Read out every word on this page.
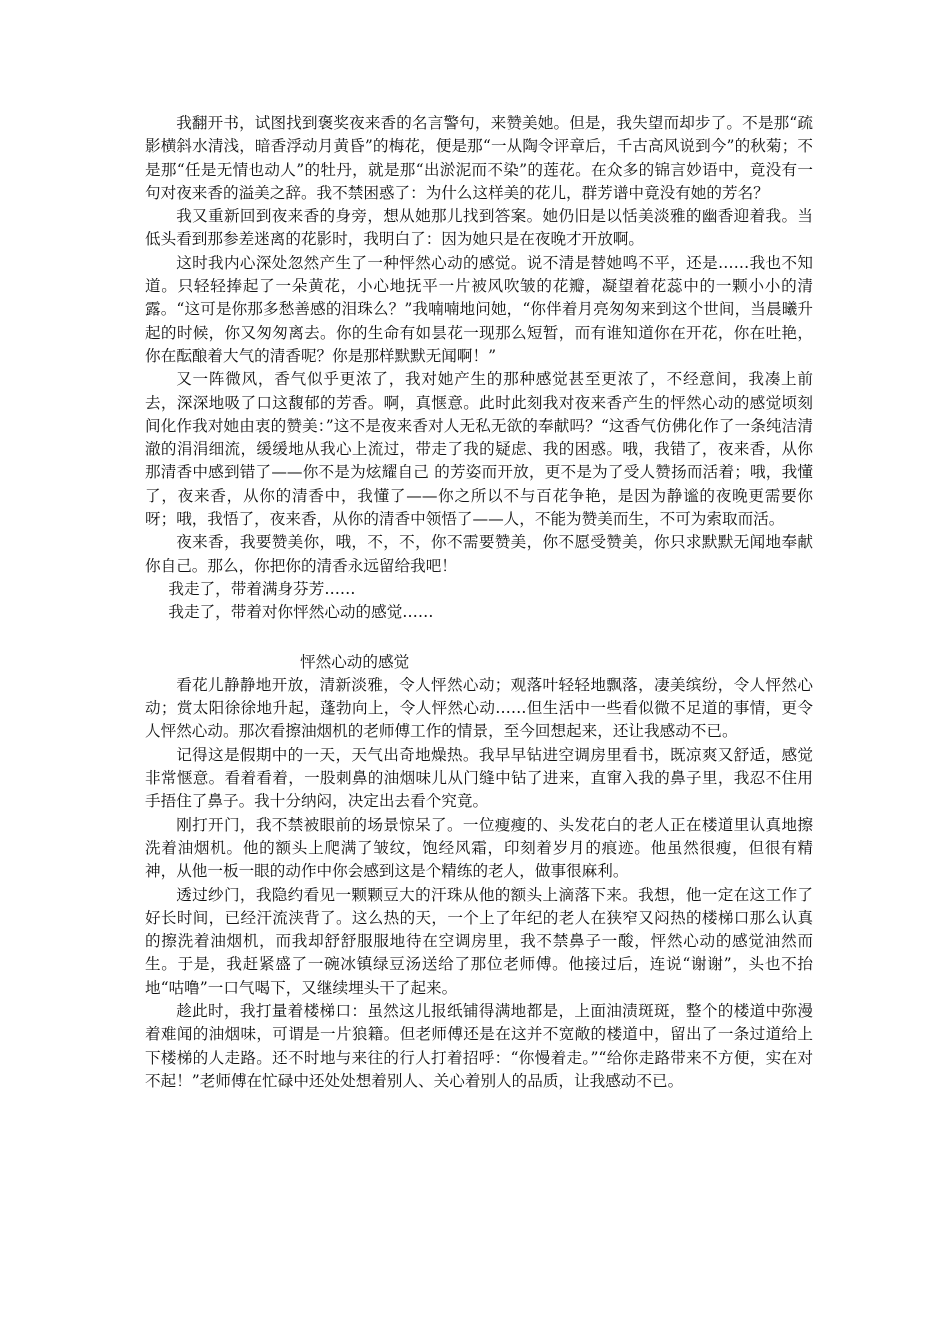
我翻开书，试图找到褒奖夜来香的名言警句，来赞美她。但是，我失望而却步了。不是那“疏影横斜水清浅，暗香浮动月黄昏”的梅花，便是那“一从陶令评章后，千古高风说到今”的秋菊；不是那“任是无情也动人”的牡丹，就是那“出淤泥而不染”的莲花。在众多的锦言妙语中，竟没有一句对夜来香的溢美之辞。我不禁困惑了：为什么这样美的花儿，群芳谱中竟没有她的芳名？

我又重新回到夜来香的身旁，想从她那儿找到答案。她仍旧是以恬美淡雅的幽香迎着我。当低头看到那参差迷离的花影时，我明白了：因为她只是在夜晚才开放啊。

这时我内心深处忽然产生了一种怦然心动的感觉。说不清是替她鸣不平，还是……我也不知道。只轻轻捧起了一朵黄花，小心地抚平一片被风吹皱的花瓣，凝望着花蕊中的一颗小小的清露。“这可是你那多愁善感的泪珠么？”我喃喃地问她，“你伴着月亮匆匆来到这个世间，当晨曦升起的时候，你又匆匆离去。你的生命有如昙花一现那么短暂，而有谁知道你在开花，你在吐艳，你在酝酿着大气的清香呢？你是那样默默无闻啊！”

又一阵微风，香气似乎更浓了，我对她产生的那种感觉甚至更浓了，不经意间，我凑上前去，深深地吸了口这馥郁的芳香。啊，真惬意。此时此刻我对夜来香产生的怦然心动的感觉顷刻间化作我对她由衷的赞美：”这不是夜来香对人无私无欲的奉献吗？“这香气仿佛化作了一条纯洁清澈的涓涓细流，缓缓地从我心上流过，带走了我的疑虑、我的困惑。哦，我错了，夜来香，从你那清香中感到错了——你不是为炫耀自己 的芳姿而开放，更不是为了受人赞扬而活着；哦，我懂了，夜来香，从你的清香中，我懂了——你之所以不与百花争艳，是因为静谧的夜晚更需要你呀；哦，我悟了，夜来香，从你的清香中领悟了——人，不能为赞美而生，不可为索取而活。

夜来香，我要赞美你，哦，不，不，你不需要赞美，你不愿受赞美，你只求默默无闻地奉献你自己。那么，你把你的清香永远留给我吧！

我走了，带着满身芬芳……

我走了，带着对你怦然心动的感觉……

怦然心动的感觉

看花儿静静地开放，清新淡雅，令人怦然心动；观落叶轻轻地飘落，凄美缤纷，令人怦然心动；赏太阳徐徐地升起，蓬勃向上，令人怦然心动……但生活中一些看似微不足道的事情，更令人怦然心动。那次看擦油烟机的老师傅工作的情景，至今回想起来，还让我感动不已。

记得这是假期中的一天，天气出奇地燥热。我早早钻进空调房里看书，既凉爽又舒适，感觉非常惬意。看着看着，一股刺鼻的油烟味儿从门缝中钻了进来，直窜入我的鼻子里，我忍不住用手捂住了鼻子。我十分纳闷，决定出去看个究竟。

刚打开门，我不禁被眼前的场景惊呆了。一位瘦瘦的、头发花白的老人正在楼道里认真地擦洗着油烟机。他的额头上爬满了皱纹，饱经风霜，印刻着岁月的痕迹。他虽然很瘦，但很有精神，从他一板一眼的动作中你会感到这是个精练的老人，做事很麻利。

透过纱门，我隐约看见一颗颗豆大的汗珠从他的额头上滴落下来。我想，他一定在这工作了好长时间，已经汗流浃背了。这么热的天，一个上了年纪的老人在狭窄又闷热的楼梯口那么认真的擦洗着油烟机，而我却舒舒服服地待在空调房里，我不禁鼻子一酸，怦然心动的感觉油然而生。于是，我赶紧盛了一碗冰镇绿豆汤送给了那位老师傅。他接过后，连说“谢谢”，头也不抬地“咕噜”一口气喝下，又继续埋头干了起来。

趁此时，我打量着楼梯口：虽然这儿报纸铺得满地都是，上面油渍斑斑，整个的楼道中弥漫着难闻的油烟味，可谓是一片狼籍。但老师傅还是在这并不宽敞的楼道中，留出了一条过道给上下楼梯的人走路。还不时地与来往的行人打着招呼：“你慢着走。”“给你走路带来不方便，实在对不起！”老师傅在忙碌中还处处想着别人、关心着别人的品质，让我感动不已。
